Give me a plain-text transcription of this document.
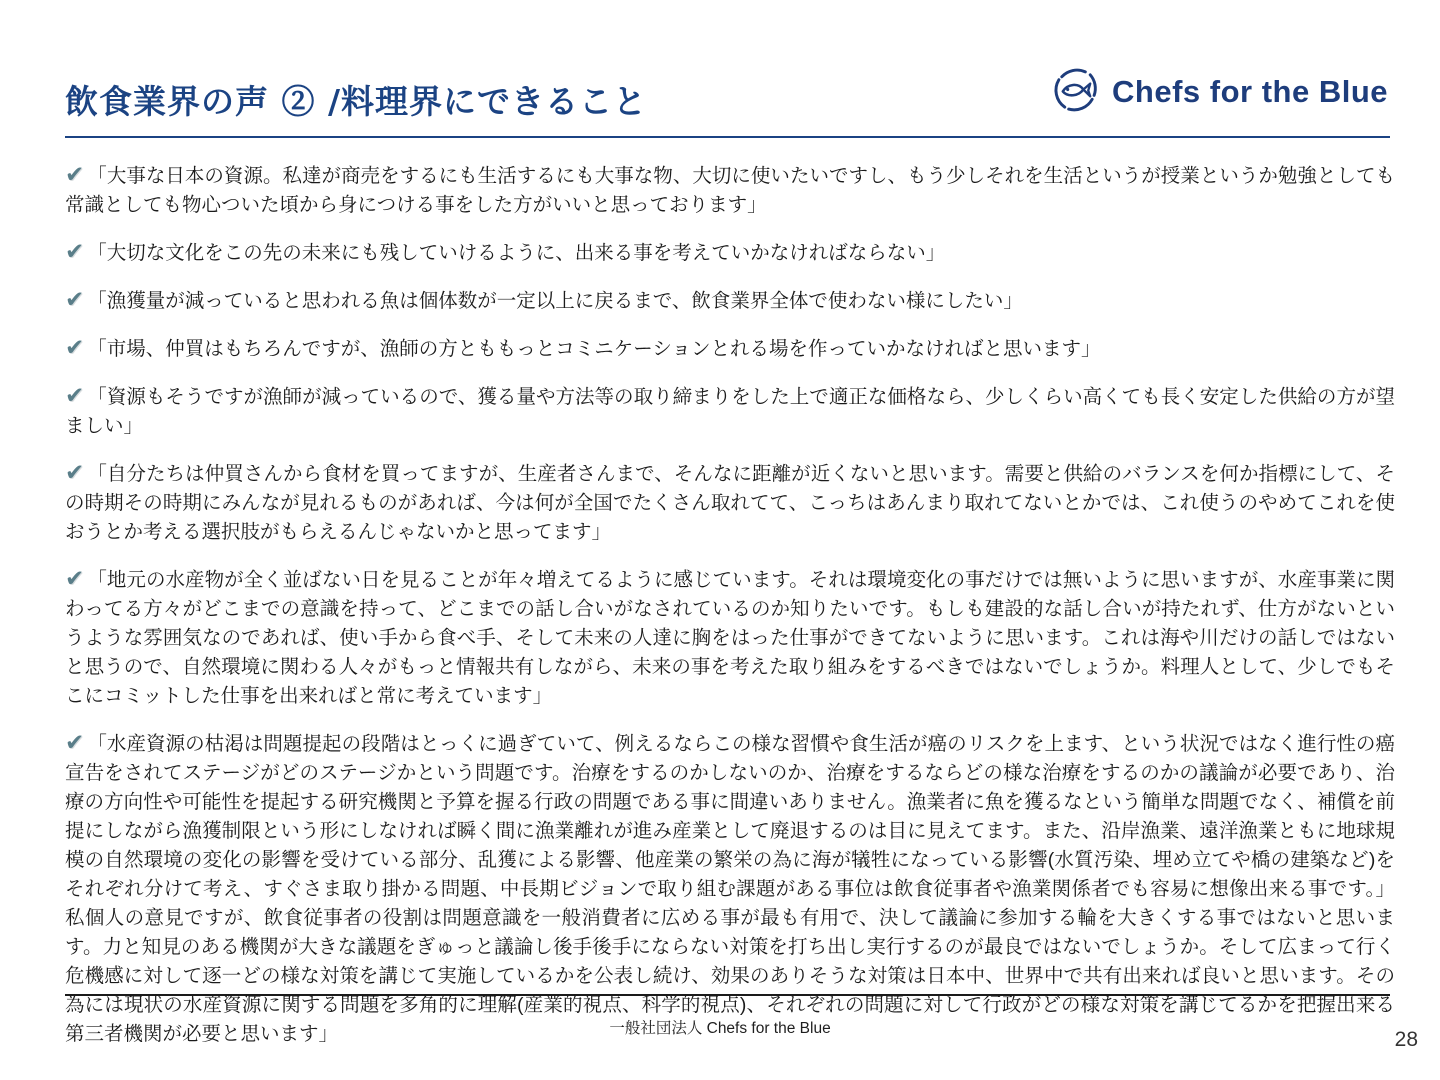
飲食業界の声 ② /料理界にできること	Chefs for the Blue

✔ 「大事な日本の資源。私達が商売をするにも生活するにも大事な物、大切に使いたいですし、もう少しそれを生活というが授業というか勉強としても常識としても物心ついた頃から身につける事をした方がいいと思っております」

✔ 「大切な文化をこの先の未来にも残していけるように、出来る事を考えていかなければならない」

✔ 「漁獲量が減っていると思われる魚は個体数が一定以上に戻るまで、飲食業界全体で使わない様にしたい」

✔ 「市場、仲買はもちろんですが、漁師の方とももっとコミニケーションとれる場を作っていかなければと思います」

✔ 「資源もそうですが漁師が減っているので、獲る量や方法等の取り締まりをした上で適正な価格なら、少しくらい高くても長く安定した供給の方が望ましい」

✔ 「自分たちは仲買さんから食材を買ってますが、生産者さんまで、そんなに距離が近くないと思います。需要と供給のバランスを何か指標にして、その時期その時期にみんなが見れるものがあれば、今は何が全国でたくさん取れてて、こっちはあんまり取れてないとかでは、これ使うのやめてこれを使おうとか考える選択肢がもらえるんじゃないかと思ってます」

✔ 「地元の水産物が全く並ばない日を見ることが年々増えてるように感じています。それは環境変化の事だけでは無いように思いますが、水産事業に関わってる方々がどこまでの意識を持って、どこまでの話し合いがなされているのか知りたいです。もしも建設的な話し合いが持たれず、仕方がないというような雰囲気なのであれば、使い手から食べ手、そして未来の人達に胸をはった仕事ができてないように思います。これは海や川だけの話しではないと思うので、自然環境に関わる人々がもっと情報共有しながら、未来の事を考えた取り組みをするべきではないでしょうか。料理人として、少しでもそこにコミットした仕事を出来ればと常に考えています」

✔ 「水産資源の枯渇は問題提起の段階はとっくに過ぎていて、例えるならこの様な習慣や食生活が癌のリスクを上ます、という状況ではなく進行性の癌宣告をされてステージがどのステージかという問題です。治療をするのかしないのか、治療をするならどの様な治療をするのかの議論が必要であり、治療の方向性や可能性を提起する研究機関と予算を握る行政の問題である事に間違いありません。漁業者に魚を獲るなという簡単な問題でなく、補償を前提にしながら漁獲制限という形にしなければ瞬く間に漁業離れが進み産業として廃退するのは目に見えてます。また、沿岸漁業、遠洋漁業ともに地球規模の自然環境の変化の影響を受けている部分、乱獲による影響、他産業の繁栄の為に海が犠牲になっている影響(水質汚染、埋め立てや橋の建築など)をそれぞれ分けて考え、すぐさま取り掛かる問題、中長期ビジョンで取り組む課題がある事位は飲食従事者や漁業関係者でも容易に想像出来る事です。」私個人の意見ですが、飲食従事者の役割は問題意識を一般消費者に広める事が最も有用で、決して議論に参加する輪を大きくする事ではないと思います。力と知見のある機関が大きな議題をぎゅっと議論し後手後手にならない対策を打ち出し実行するのが最良ではないでしょうか。そして広まって行く危機感に対して逐一どの様な対策を講じて実施しているかを公表し続け、効果のありそうな対策は日本中、世界中で共有出来れば良いと思います。その為には現状の水産資源に関する問題を多角的に理解(産業的視点、科学的視点)、それぞれの問題に対して行政がどの様な対策を講じてるかを把握出来る第三者機関が必要と思います」	一般社団法人 Chefs for the Blue	28
